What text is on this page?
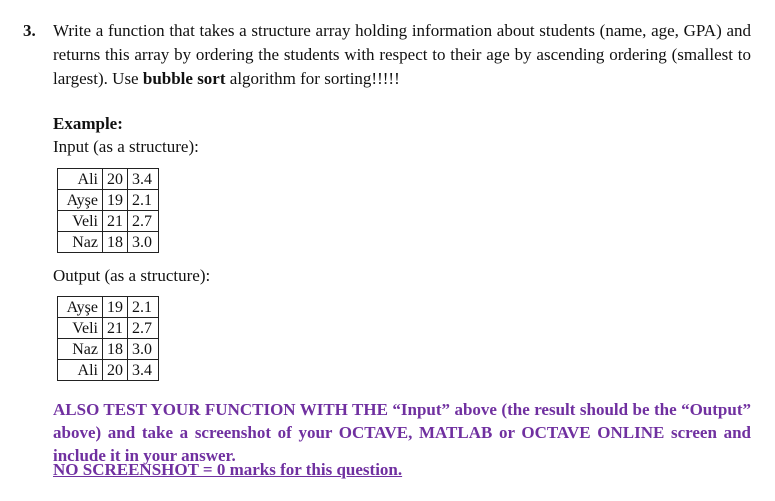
3. Write a function that takes a structure array holding information about students (name, age, GPA) and returns this array by ordering the students with respect to their age by ascending ordering (smallest to largest). Use bubble sort algorithm for sorting!!!!!
Example:
Input (as a structure):
Ali	20	3.4
Ayşe	19	2.1
Veli	21	2.7
Naz	18	3.0
Output (as a structure):
Ayşe	19	2.1
Veli	21	2.7
Naz	18	3.0
Ali	20	3.4
ALSO TEST YOUR FUNCTION WITH THE “Input” above (the result should be the “Output” above) and take a screenshot of your OCTAVE, MATLAB or OCTAVE ONLINE screen and include it in your answer.
NO SCREENSHOT = 0 marks for this question.
